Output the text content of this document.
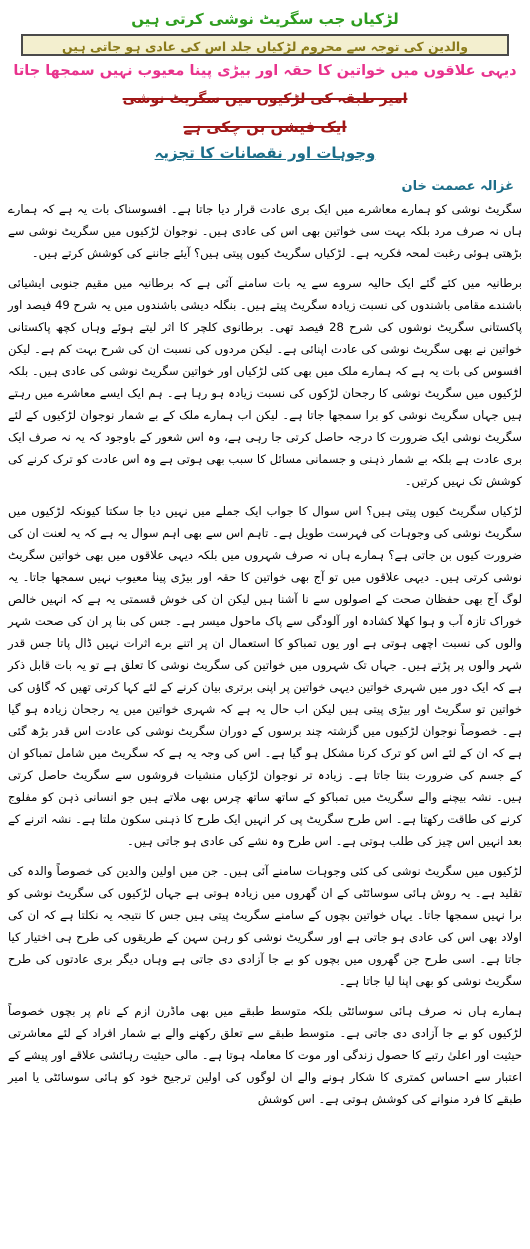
لڑکیاں جب سگریٹ نوشی کرتی ہیں
والدین کی توجہ سے محروم لڑکیاں جلد اس کی عادی ہو جاتی ہیں
دیہی علاقوں میں خواتین کا حقہ اور بیڑی پینا معیوب نہیں سمجھا جاتا
امیر طبقہ کی لڑکیوں میں سگریٹ نوشی
ایک فیشن بن چکی ہے
وجوہات اور نقصانات کا تجزیہ
غزالہ عصمت خان

سگریٹ نوشی کو ہمارے معاشرے میں ایک بری عادت قرار دیا جاتا ہے۔ افسوسناک بات یہ ہے کہ ہمارے ہاں نہ صرف مرد بلکہ بہت سی خواتین بھی اس کی عادی ہیں۔ نوجوان لڑکیوں میں سگریٹ نوشی سے بڑھتی ہوئی رغبت لمحہ فکریہ ہے۔ لڑکیاں سگریٹ کیوں پیتی ہیں؟ آیئے جاننے کی کوشش کرتے ہیں۔

برطانیہ میں کئے گئے ایک حالیہ سروے سے یہ بات سامنے آئی ہے کہ برطانیہ میں مقیم جنوبی ایشیائی باشندے مقامی باشندوں کی نسبت زیادہ سگریٹ پیتے ہیں۔ بنگلہ دیشی باشندوں میں یہ شرح 49 فیصد اور پاکستانی سگریٹ نوشوں کی شرح 28 فیصد تھی۔ برطانوی کلچر کا اثر لیتے ہوئے وہاں کچھ پاکستانی خواتین نے بھی سگریٹ نوشی کی عادت اپنائی ہے۔ لیکن مردوں کی نسبت ان کی شرح بہت کم ہے۔ لیکن افسوس کی بات یہ ہے کہ ہمارے ملک میں بھی کئی لڑکیاں اور خواتین سگریٹ نوشی کی عادی ہیں۔ بلکہ لڑکیوں میں سگریٹ نوشی کا رجحان لڑکوں کی نسبت زیادہ ہو رہا ہے۔ ہم ایک ایسے معاشرے میں رہتے ہیں جہاں سگریٹ نوشی کو برا سمجھا جاتا ہے۔ لیکن اب ہمارے ملک کے بے شمار نوجوان لڑکیوں کے لئے سگریٹ نوشی ایک ضرورت کا درجہ حاصل کرتی جا رہی ہے، وہ اس شعور کے باوجود کہ یہ نہ صرف ایک بری عادت ہے بلکہ بے شمار ذہنی و جسمانی مسائل کا سبب بھی ہوتی ہے وہ اس عادت کو ترک کرنے کی کوشش تک نہیں کرتیں۔

لڑکیاں سگریٹ کیوں پیتی ہیں؟ اس سوال کا جواب ایک جملے میں نہیں دیا جا سکتا کیونکہ لڑکیوں میں سگریٹ نوشی کی وجوہات کی فہرست طویل ہے۔ تاہم اس سے بھی اہم سوال یہ ہے کہ یہ لعنت ان کی ضرورت کیوں بن جاتی ہے؟ ہمارے ہاں نہ صرف شہروں میں بلکہ دیہی علاقوں میں بھی خواتین سگریٹ نوشی کرتی ہیں۔ دیہی علاقوں میں تو آج بھی خواتین کا حقہ اور بیڑی پینا معیوب نہیں سمجھا جاتا۔ یہ لوگ آج بھی حفظان صحت کے اصولوں سے نا آشنا ہیں لیکن ان کی خوش قسمتی یہ ہے کہ انہیں خالص خوراک تازہ آب و ہوا کھلا کشادہ اور آلودگی سے پاک ماحول میسر ہے۔ جس کی بنا پر ان کی صحت شہر والوں کی نسبت اچھی ہوتی ہے اور یوں تمباکو کا استعمال ان پر اتنے برے اثرات نہیں ڈال پاتا جس قدر شہر والوں پر پڑتے ہیں۔ جہاں تک شہروں میں خواتین کی سگریٹ نوشی کا تعلق ہے تو یہ بات قابل ذکر ہے کہ ایک دور میں شہری خواتین دیہی خواتین پر اپنی برتری بیان کرنے کے لئے کہا کرتی تھیں کہ گاؤں کی خواتین تو سگریٹ اور بیڑی پیتی ہیں لیکن اب حال یہ ہے کہ شہری خواتین میں یہ رجحان زیادہ ہو گیا ہے۔ خصوصاً نوجوان لڑکیوں میں گزشتہ چند برسوں کے دوران سگریٹ نوشی کی عادت اس قدر بڑھ گئی ہے کہ ان کے لئے اس کو ترک کرنا مشکل ہو گیا ہے۔ اس کی وجہ یہ ہے کہ سگریٹ میں شامل تمباکو ان کے جسم کی ضرورت بنتا جاتا ہے۔ زیادہ تر نوجوان لڑکیاں منشیات فروشوں سے سگریٹ حاصل کرتی ہیں۔ نشہ بیچنے والے سگریٹ میں تمباکو کے ساتھ ساتھ چرس بھی ملاتے ہیں جو انسانی ذہن کو مفلوج کرنے کی طاقت رکھتا ہے۔ اس طرح سگریٹ پی کر انہیں ایک طرح کا ذہنی سکون ملتا ہے۔ نشہ اترنے کے بعد انہیں اس چیز کی طلب ہوتی ہے۔ اس طرح وہ نشے کی عادی ہو جاتی ہیں۔

لڑکیوں میں سگریٹ نوشی کی کئی وجوہات سامنے آئی ہیں۔ جن میں اولین والدین کی خصوصاً والدہ کی تقلید ہے۔ یہ روش ہائی سوسائٹی کے ان گھروں میں زیادہ ہوتی ہے جہاں لڑکیوں کی سگریٹ نوشی کو برا نہیں سمجھا جاتا۔ یہاں خواتین بچوں کے سامنے سگریٹ پیتی ہیں جس کا نتیجہ یہ نکلتا ہے کہ ان کی اولاد بھی اس کی عادی ہو جاتی ہے اور سگریٹ نوشی کو رہن سہن کے طریقوں کی طرح ہی اختیار کیا جاتا ہے۔ اسی طرح جن گھروں میں بچوں کو بے جا آزادی دی جاتی ہے وہاں دیگر بری عادتوں کی طرح سگریٹ نوشی کو بھی اپنا لیا جاتا ہے۔

ہمارے ہاں نہ صرف ہائی سوسائٹی بلکہ متوسط طبقے میں بھی ماڈرن ازم کے نام پر بچوں خصوصاً لڑکیوں کو بے جا آزادی دی جاتی ہے۔ متوسط طبقے سے تعلق رکھنے والے بے شمار افراد کے لئے معاشرتی حیثیت اور اعلیٰ رتبے کا حصول زندگی اور موت کا معاملہ ہوتا ہے۔ مالی حیثیت رہائشی علاقے اور پیشے کے اعتبار سے احساس کمتری کا شکار ہونے والے ان لوگوں کی اولین ترجیح خود کو ہائی سوسائٹی یا امیر طبقے کا فرد منوانے کی کوشش ہوتی ہے۔ اس کوشش
